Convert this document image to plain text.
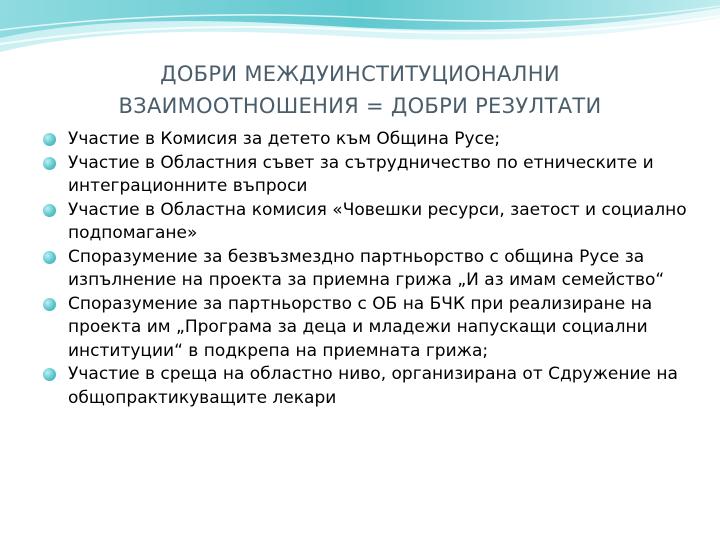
ДОБРИ МЕЖДУИНСТИТУЦИОНАЛНИ
ВЗАИМООТНОШЕНИЯ = ДОБРИ РЕЗУЛТАТИ
Участие в Комисия за детето към Община Русе;
Участие в Областния съвет за сътрудничество по етническите и интеграционните въпроси
Участие в Областна комисия «Човешки ресурси, заетост и социално подпомагане»
Споразумение за безвъзмездно партньорство с община Русе за изпълнение на проекта за приемна грижа „И аз имам семейство“
Споразумение за партньорство с ОБ на БЧК при реализиране на проекта им „Програма за деца и младежи напускащи социални институции“ в подкрепа на приемната грижа;
Участие в среща на областно ниво, организирана от Сдружение на общопрактикуващите лекари
